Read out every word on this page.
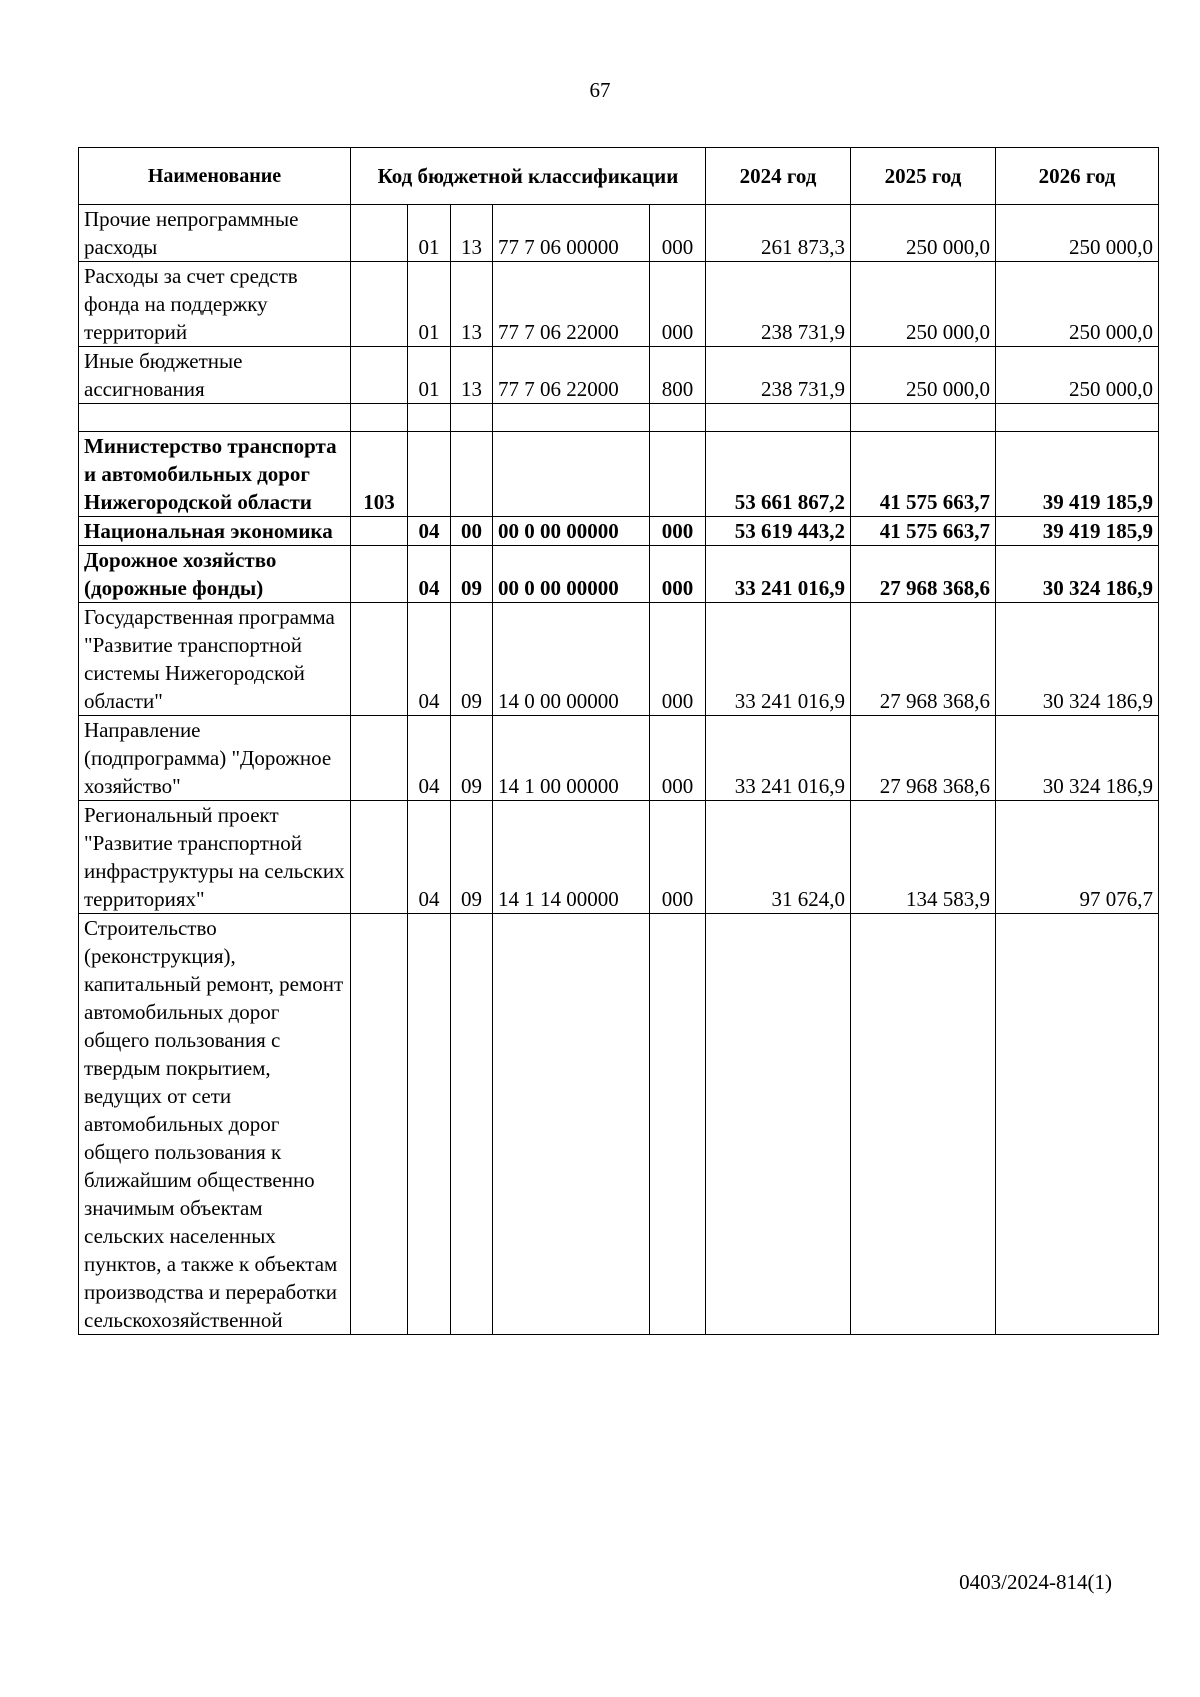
67
Наименование	Код бюджетной классификации					2024 год	2025 год	2026 год
Прочие непрограммные расходы		01	13	77 7 06 00000	000	261 873,3	250 000,0	250 000,0
Расходы за счет средств фонда на поддержку территорий		01	13	77 7 06 22000	000	238 731,9	250 000,0	250 000,0
Иные бюджетные ассигнования		01	13	77 7 06 22000	800	238 731,9	250 000,0	250 000,0

Министерство транспорта и автомобильных дорог Нижегородской области	103					53 661 867,2	41 575 663,7	39 419 185,9
Национальная экономика		04	00	00 0 00 00000	000	53 619 443,2	41 575 663,7	39 419 185,9
Дорожное хозяйство (дорожные фонды)		04	09	00 0 00 00000	000	33 241 016,9	27 968 368,6	30 324 186,9
Государственная программа "Развитие транспортной системы Нижегородской области"		04	09	14 0 00 00000	000	33 241 016,9	27 968 368,6	30 324 186,9
Направление (подпрограмма) "Дорожное хозяйство"		04	09	14 1 00 00000	000	33 241 016,9	27 968 368,6	30 324 186,9
Региональный проект "Развитие транспортной инфраструктуры на сельских территориях"		04	09	14 1 14 00000	000	31 624,0	134 583,9	97 076,7
Строительство (реконструкция), капитальный ремонт, ремонт автомобильных дорог общего пользования с твердым покрытием, ведущих от сети автомобильных дорог общего пользования к ближайшим общественно значимым объектам сельских населенных пунктов, а также к объектам производства и переработки сельскохозяйственной								
0403/2024-814(1)
